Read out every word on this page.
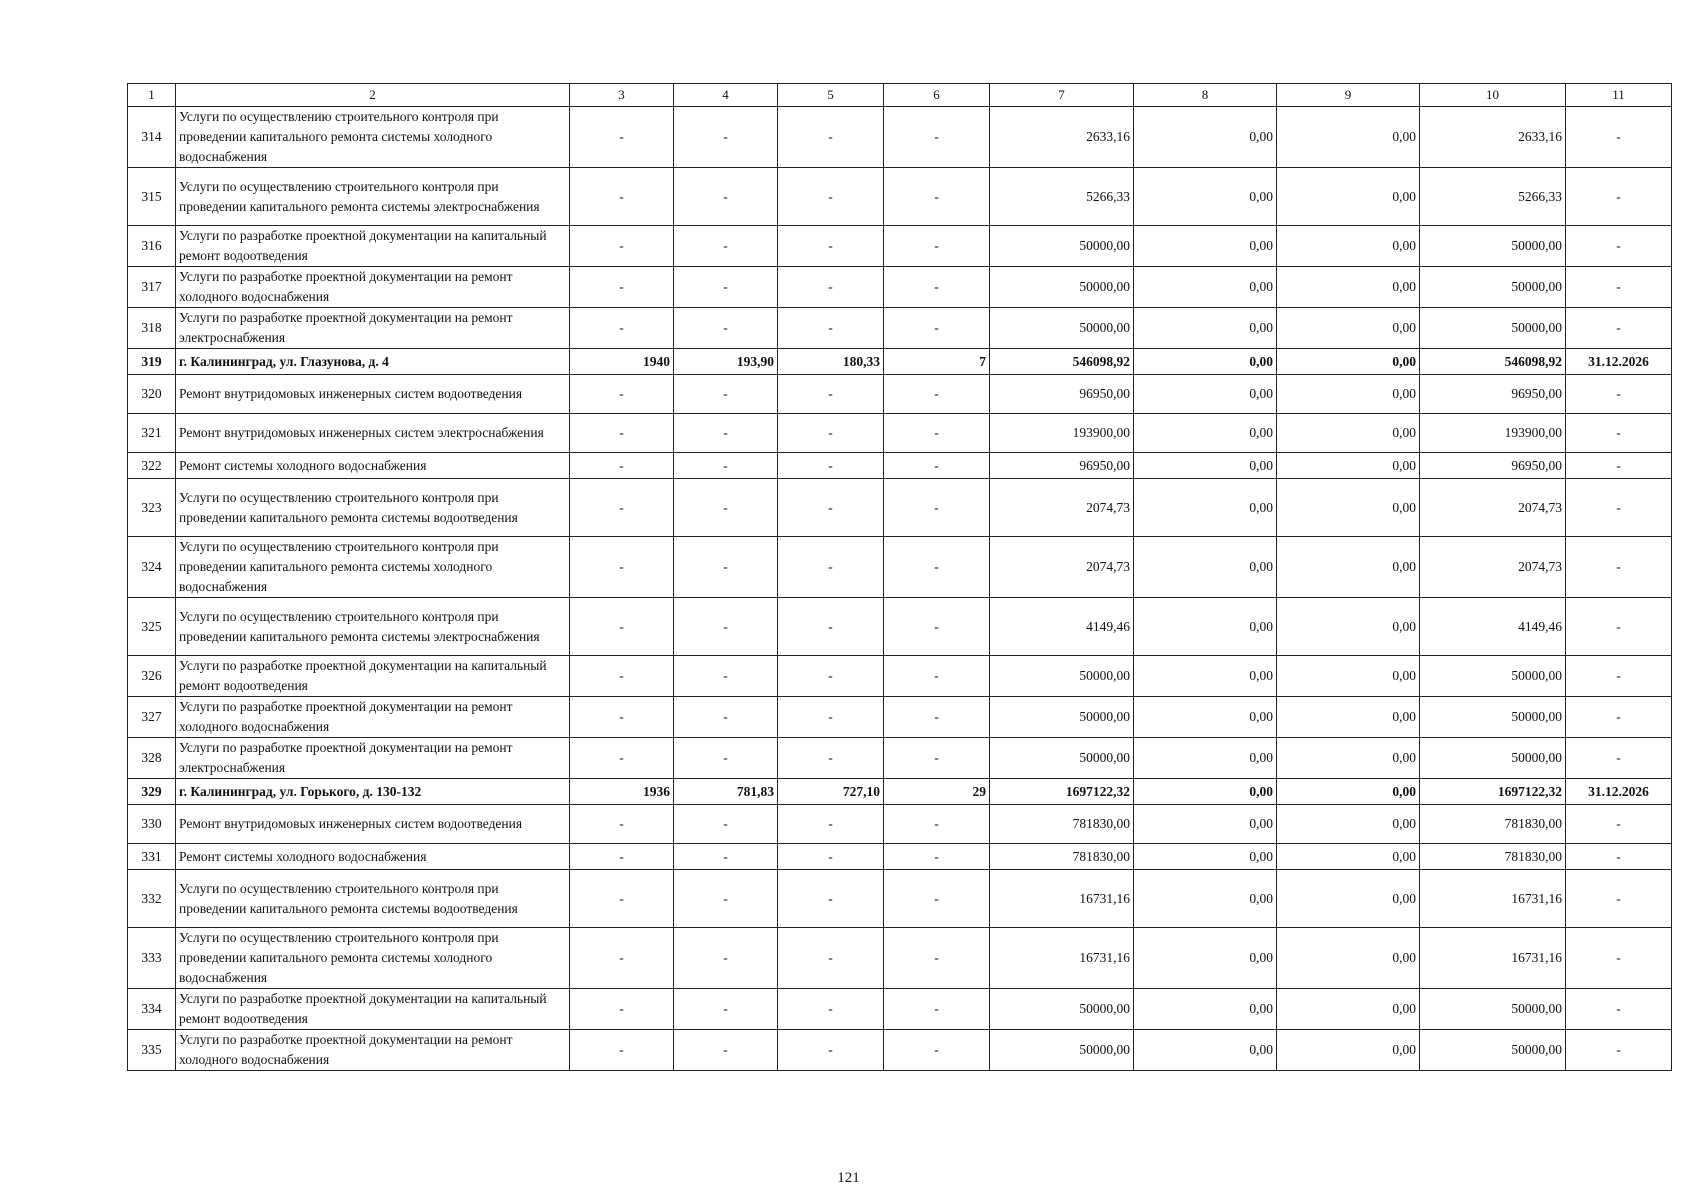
1	2	3	4	5	6	7	8	9	10	11
314	Услуги по осуществлению строительного контроля при проведении капитального ремонта системы холодного водоснабжения	-	-	-	-	2633,16	0,00	0,00	2633,16	-
315	Услуги по осуществлению строительного контроля при проведении капитального ремонта системы электроснабжения	-	-	-	-	5266,33	0,00	0,00	5266,33	-
316	Услуги по разработке проектной документации на капитальный ремонт водоотведения	-	-	-	-	50000,00	0,00	0,00	50000,00	-
317	Услуги по разработке проектной документации на ремонт холодного водоснабжения	-	-	-	-	50000,00	0,00	0,00	50000,00	-
318	Услуги по разработке проектной документации на ремонт электроснабжения	-	-	-	-	50000,00	0,00	0,00	50000,00	-
319	г. Калининград, ул. Глазунова, д. 4	1940	193,90	180,33	7	546098,92	0,00	0,00	546098,92	31.12.2026
320	Ремонт внутридомовых инженерных систем водоотведения	-	-	-	-	96950,00	0,00	0,00	96950,00	-
321	Ремонт внутридомовых инженерных систем электроснабжения	-	-	-	-	193900,00	0,00	0,00	193900,00	-
322	Ремонт системы холодного водоснабжения	-	-	-	-	96950,00	0,00	0,00	96950,00	-
323	Услуги по осуществлению строительного контроля при проведении капитального ремонта системы водоотведения	-	-	-	-	2074,73	0,00	0,00	2074,73	-
324	Услуги по осуществлению строительного контроля при проведении капитального ремонта системы холодного водоснабжения	-	-	-	-	2074,73	0,00	0,00	2074,73	-
325	Услуги по осуществлению строительного контроля при проведении капитального ремонта системы электроснабжения	-	-	-	-	4149,46	0,00	0,00	4149,46	-
326	Услуги по разработке проектной документации на капитальный ремонт водоотведения	-	-	-	-	50000,00	0,00	0,00	50000,00	-
327	Услуги по разработке проектной документации на ремонт холодного водоснабжения	-	-	-	-	50000,00	0,00	0,00	50000,00	-
328	Услуги по разработке проектной документации на ремонт электроснабжения	-	-	-	-	50000,00	0,00	0,00	50000,00	-
329	г. Калининград, ул. Горького, д. 130-132	1936	781,83	727,10	29	1697122,32	0,00	0,00	1697122,32	31.12.2026
330	Ремонт внутридомовых инженерных систем водоотведения	-	-	-	-	781830,00	0,00	0,00	781830,00	-
331	Ремонт системы холодного водоснабжения	-	-	-	-	781830,00	0,00	0,00	781830,00	-
332	Услуги по осуществлению строительного контроля при проведении капитального ремонта системы водоотведения	-	-	-	-	16731,16	0,00	0,00	16731,16	-
333	Услуги по осуществлению строительного контроля при проведении капитального ремонта системы холодного водоснабжения	-	-	-	-	16731,16	0,00	0,00	16731,16	-
334	Услуги по разработке проектной документации на капитальный ремонт водоотведения	-	-	-	-	50000,00	0,00	0,00	50000,00	-
335	Услуги по разработке проектной документации на ремонт холодного водоснабжения	-	-	-	-	50000,00	0,00	0,00	50000,00	-
121
